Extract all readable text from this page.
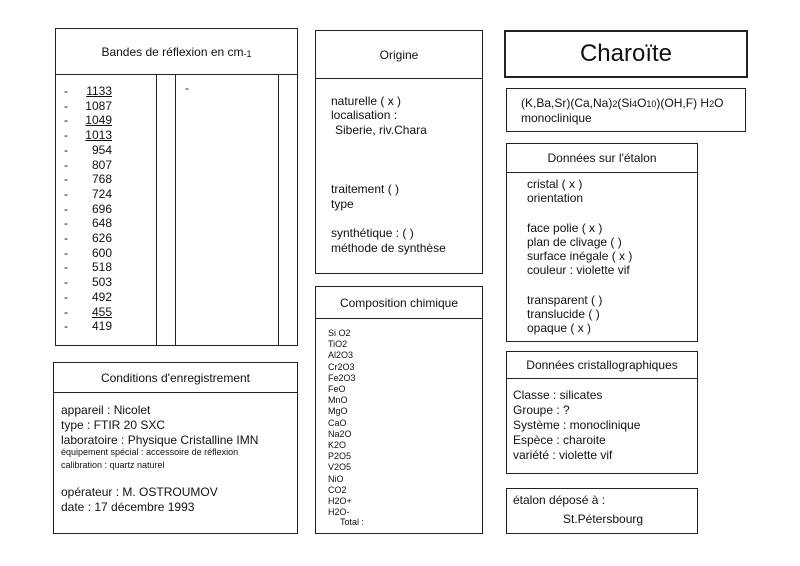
Bandes de réflexion en cm-1
- 1133
- 1087
- 1049
- 1013
- 954
- 807
- 768
- 724
- 696
- 648
- 626
- 600
- 518
- 503
- 492
- 455
- 419
-
Origine
naturelle ( x )
localisation :
Siberie, riv.Chara
traitement ( )
type
synthétique : ( )
méthode de synthèse
Composition chimique
Si O2
TiO2
Al2O3
Cr2O3
Fe2O3
FeO
MnO
MgO
CaO
Na2O
K2O
P2O5
V2O5
NiO
CO2
H2O+
H2O-
Total :
Conditions d'enregistrement
appareil : Nicolet
type : FTIR 20 SXC
laboratoire : Physique Cristalline IMN
équipement spécial : accessoire de réflexion
calibration : quartz naturel
opérateur : M. OSTROUMOV
date : 17 décembre 1993
Charoïte
(K,Ba,Sr)(Ca,Na)2(Si4O10)(OH,F) H2O
monoclinique
Données sur l'étalon
cristal ( x )
orientation
face polie ( x )
plan de clivage ( )
surface inégale ( x )
couleur : violette vif
transparent ( )
translucide ( )
opaque ( x )
Données cristallographiques
Classe : silicates
Groupe : ?
Système : monoclinique
Espèce : charoite
variété : violette vif
étalon déposé à :
St.Pétersbourg
